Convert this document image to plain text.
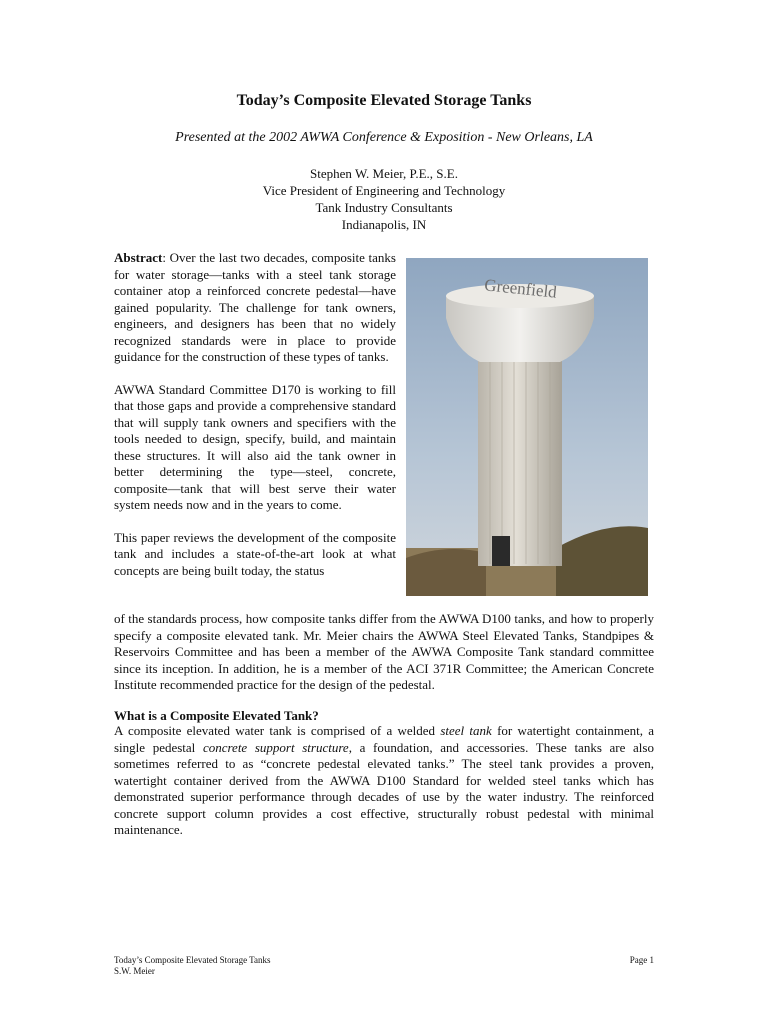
Today’s Composite Elevated Storage Tanks
Presented at the 2002 AWWA Conference & Exposition - New Orleans, LA
Stephen W. Meier, P.E., S.E.
Vice President of Engineering and Technology
Tank Industry Consultants
Indianapolis, IN

Abstract: Over the last two decades, composite tanks for water storage—tanks with a steel tank storage container atop a reinforced concrete pedestal—have gained popularity. The challenge for tank owners, engineers, and designers has been that no widely recognized standards were in place to provide guidance for the construction of these types of tanks.

AWWA Standard Committee D170 is working to fill that those gaps and provide a comprehensive standard that will supply tank owners and specifiers with the tools needed to design, specify, build, and maintain these structures. It will also aid the tank owner in better determining the type—steel, concrete, composite—tank that will best serve their water system needs now and in the years to come.

This paper reviews the development of the composite tank and includes a state-of-the-art look at what concepts are being built today, the status

Greenfield

of the standards process, how composite tanks differ from the AWWA D100 tanks, and how to properly specify a composite elevated tank. Mr. Meier chairs the AWWA Steel Elevated Tanks, Standpipes & Reservoirs Committee and has been a member of the AWWA Composite Tank standard committee since its inception. In addition, he is a member of the ACI 371R Committee; the American Concrete Institute recommended practice for the design of the pedestal.

What is a Composite Elevated Tank?

A composite elevated water tank is comprised of a welded steel tank for watertight containment, a single pedestal concrete support structure, a foundation, and accessories. These tanks are also sometimes referred to as “concrete pedestal elevated tanks.” The steel tank provides a proven, watertight container derived from the AWWA D100 Standard for welded steel tanks which has demonstrated superior performance through decades of use by the water industry. The reinforced concrete support column provides a cost effective, structurally robust pedestal with minimal maintenance.

Today’s Composite Elevated Storage Tanks
S.W. Meier
Page 1
